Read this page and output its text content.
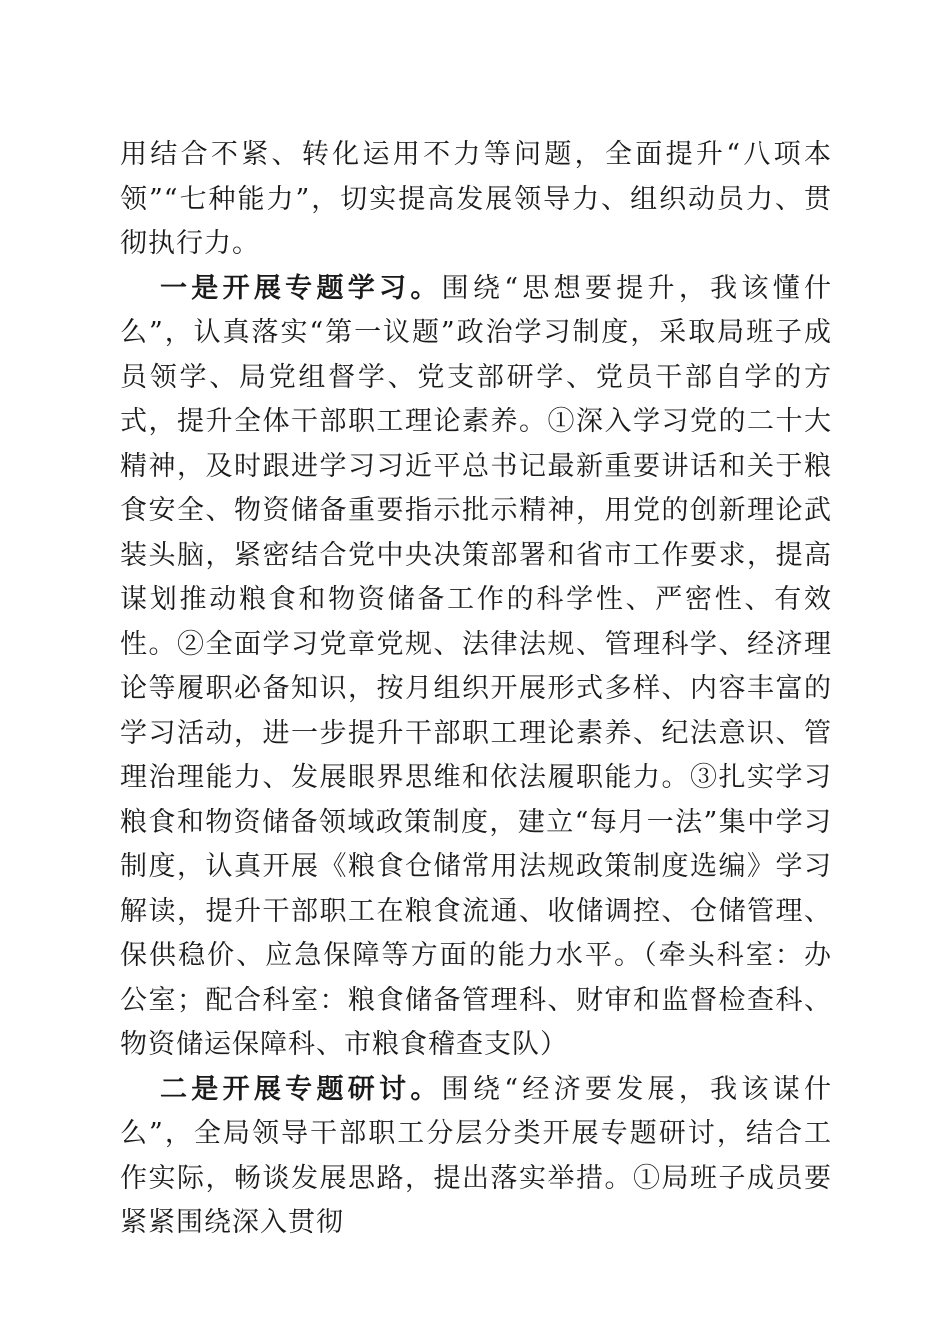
用结合不紧、转化运用不力等问题，全面提升“八项本领”“七种能力”，切实提高发展领导力、组织动员力、贯彻执行力。

一是开展专题学习。围绕“思想要提升，我该懂什么”，认真落实“第一议题”政治学习制度，采取局班子成员领学、局党组督学、党支部研学、党员干部自学的方式，提升全体干部职工理论素养。①深入学习党的二十大精神，及时跟进学习习近平总书记最新重要讲话和关于粮食安全、物资储备重要指示批示精神，用党的创新理论武装头脑，紧密结合党中央决策部署和省市工作要求，提高谋划推动粮食和物资储备工作的科学性、严密性、有效性。②全面学习党章党规、法律法规、管理科学、经济理论等履职必备知识，按月组织开展形式多样、内容丰富的学习活动，进一步提升干部职工理论素养、纪法意识、管理治理能力、发展眼界思维和依法履职能力。③扎实学习粮食和物资储备领域政策制度，建立“每月一法”集中学习制度，认真开展《粮食仓储常用法规政策制度选编》学习解读，提升干部职工在粮食流通、收储调控、仓储管理、保供稳价、应急保障等方面的能力水平。（牵头科室：办公室；配合科室：粮食储备管理科、财审和监督检查科、物资储运保障科、市粮食稽查支队）

二是开展专题研讨。围绕“经济要发展，我该谋什么”，全局领导干部职工分层分类开展专题研讨，结合工作实际，畅谈发展思路，提出落实举措。①局班子成员要紧紧围绕深入贯彻
